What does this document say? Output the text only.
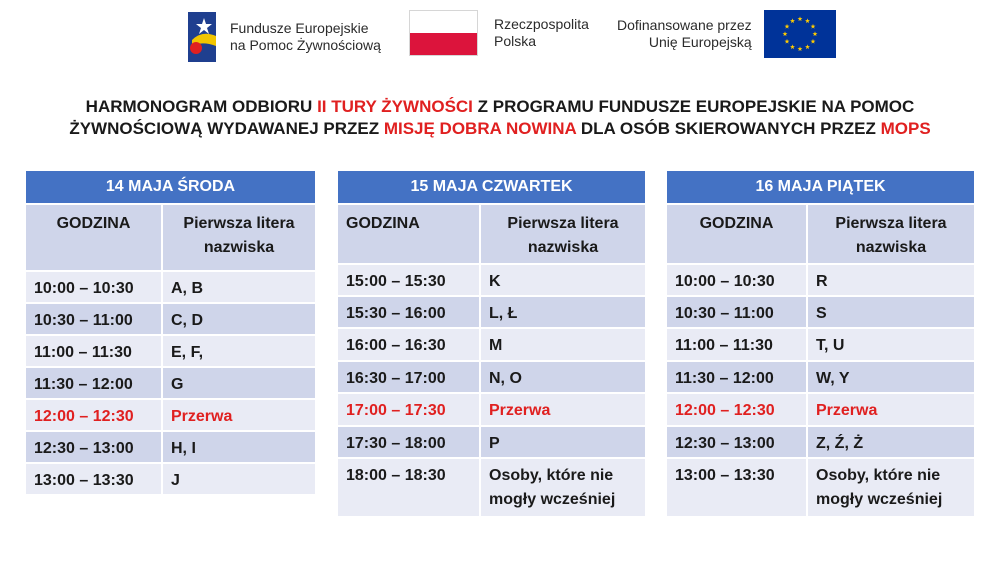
Fundusze Europejskie
na Pomoc Żywnościową
Rzeczpospolita
Polska
Dofinansowane przez
Unię Europejską
HARMONOGRAM ODBIORU II TURY ŻYWNOŚCI Z PROGRAMU FUNDUSZE EUROPEJSKIE NA POMOC ŻYWNOŚCIOWĄ WYDAWANEJ PRZEZ MISJĘ DOBRA NOWINA DLA OSÓB SKIEROWANYCH PRZEZ MOPS
14 MAJA ŚRODA	
GODZINA	Pierwsza litera nazwiska
10:00 – 10:30	A, B
10:30 – 11:00	C, D
11:00 – 11:30	E, F,
11:30 – 12:00	G
12:00 – 12:30	Przerwa
12:30 – 13:00	H, I
13:00 – 13:30	J
15 MAJA CZWARTEK	
GODZINA	Pierwsza litera nazwiska
15:00 – 15:30	K
15:30 – 16:00	L, Ł
16:00 – 16:30	M
16:30 – 17:00	N, O
17:00 – 17:30	Przerwa
17:30 – 18:00	P
18:00 – 18:30	Osoby, które nie mogły wcześniej
16 MAJA PIĄTEK	
GODZINA	Pierwsza litera nazwiska
10:00 – 10:30	R
10:30 – 11:00	S
11:00 – 11:30	T, U
11:30 – 12:00	W, Y
12:00 – 12:30	Przerwa
12:30 – 13:00	Z, Ź, Ż
13:00 – 13:30	Osoby, które nie mogły wcześniej
